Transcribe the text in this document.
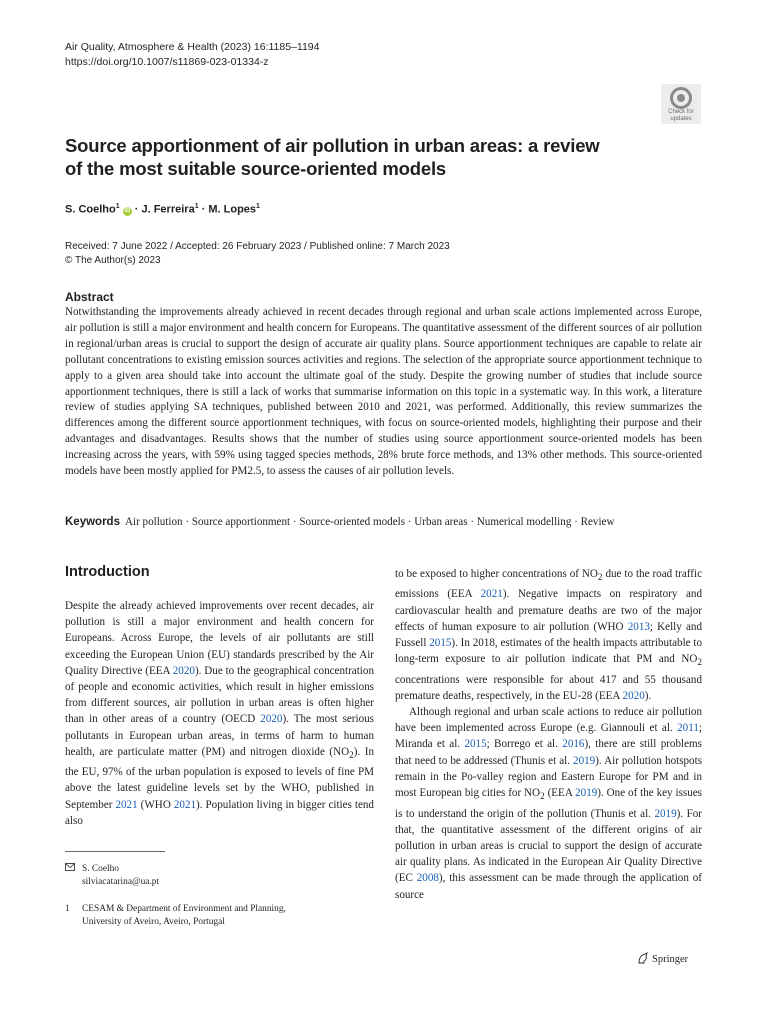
Air Quality, Atmosphere & Health (2023) 16:1185–1194
https://doi.org/10.1007/s11869-023-01334-z
Check for
updates
Source apportionment of air pollution in urban areas: a review
of the most suitable source-oriented models
S. Coelho$^1$ iD · J. Ferreira$^1$ · M. Lopes$^1$
Received: 7 June 2022 / Accepted: 26 February 2023 / Published online: 7 March 2023
© The Author(s) 2023
Abstract
Notwithstanding the improvements already achieved in recent decades through regional and urban scale actions implemented across Europe, air pollution is still a major environment and health concern for Europeans. The quantitative assessment of the different sources of air pollution in regional/urban areas is crucial to support the design of accurate air quality plans. Source apportionment techniques are capable to relate air pollutant concentrations to existing emission sources activities and regions. The selection of the appropriate source apportionment technique to apply to a given area should take into account the ultimate goal of the study. Despite the growing number of studies that include source apportionment techniques, there is still a lack of works that summarise information on this topic in a systematic way. In this work, a literature review of studies applying SA techniques, published between 2010 and 2021, was performed. Additionally, this review summarizes the differences among the different source apportionment techniques, with focus on source-oriented models, highlighting their purpose and their advantages and disadvantages. Results shows that the number of studies using source apportionment source-oriented models has been increasing across the years, with 59% using tagged species methods, 28% brute force methods, and 13% other methods. This source-oriented models have been mostly applied for PM2.5, to assess the causes of air pollution levels.
Keywords Air pollution · Source apportionment · Source-oriented models · Urban areas · Numerical modelling · Review
Introduction
Despite the already achieved improvements over recent decades, air pollution is still a major environment and health concern for Europeans. Across Europe, the levels of air pollutants are still exceeding the European Union (EU) standards prescribed by the Air Quality Directive (EEA 2020). Due to the geographical concentration of people and economic activities, which result in higher emissions from different sources, air pollution in urban areas is often higher than in other areas of a country (OECD 2020). The most serious pollutants in European urban areas, in terms of harm to human health, are particulate matter (PM) and nitrogen dioxide $(NO_2)$. In the EU, 97% of the urban population is exposed to levels of fine PM above the latest guideline levels set by the WHO, published in September 2021 (WHO 2021). Population living in bigger cities tend also

to be exposed to higher concentrations of $NO_2$ due to the road traffic emissions (EEA 2021). Negative impacts on respiratory and cardiovascular health and premature deaths are two of the major effects of human exposure to air pollution (WHO 2013; Kelly and Fussell 2015). In 2018, estimates of the health impacts attributable to long-term exposure to air pollution indicate that PM and $NO_2$ concentrations were responsible for about 417 and 55 thousand premature deaths, respectively, in the EU-28 (EEA 2020).

Although regional and urban scale actions to reduce air pollution have been implemented across Europe (e.g. Giannouli et al. 2011; Miranda et al. 2015; Borrego et al. 2016), there are still problems that need to be addressed (Thunis et al. 2019). Air pollution hotspots remain in the Po-valley region and Eastern Europe for PM and in most European big cities for $NO_2$ (EEA 2019). One of the key issues is to understand the origin of the pollution (Thunis et al. 2019). For that, the quantitative assessment of the different origins of air pollution in urban areas is crucial to support the design of accurate air quality plans. As indicated in the European Air Quality Directive (EC 2008), this assessment can be made through the application of source

S. Coelho
silviacatarina@ua.pt
1 CESAM & Department of Environment and Planning,
University of Aveiro, Aveiro, Portugal
Springer
